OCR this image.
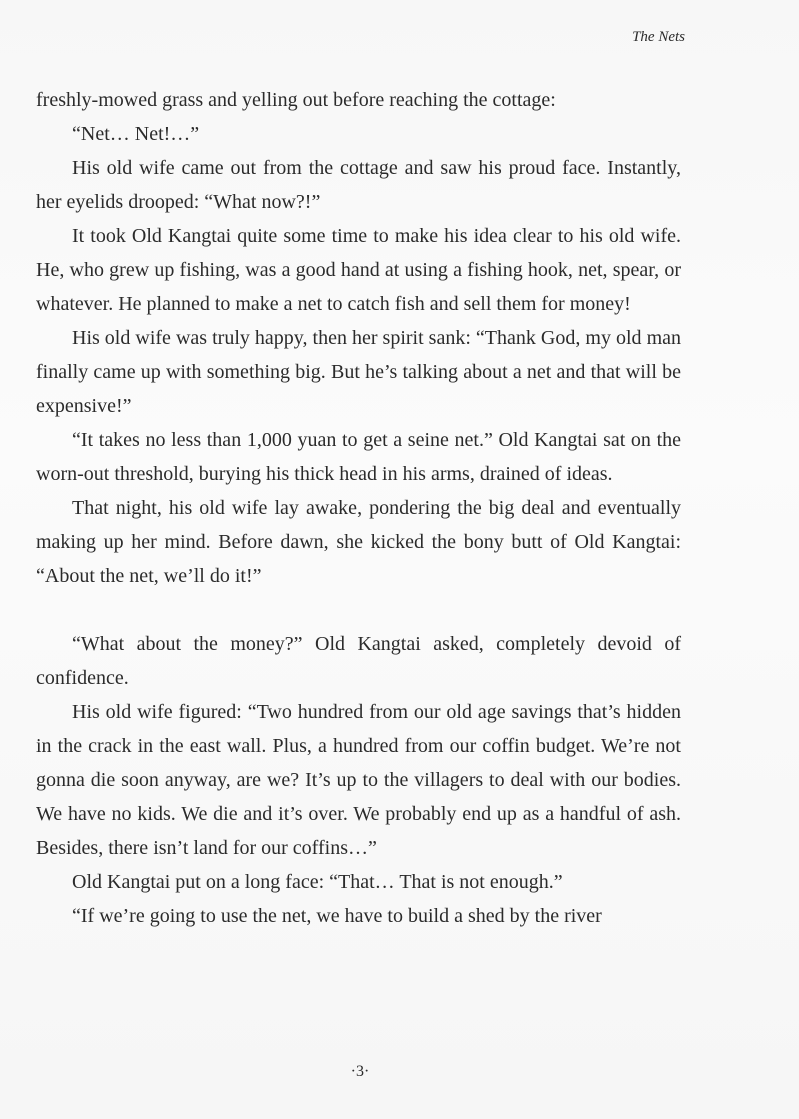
The Nets

freshly-mowed grass and yelling out before reaching the cottage:

“Net… Net!…”

His old wife came out from the cottage and saw his proud face. Instantly, her eyelids drooped: “What now?!”

It took Old Kangtai quite some time to make his idea clear to his old wife. He, who grew up fishing, was a good hand at using a fishing hook, net, spear, or whatever. He planned to make a net to catch fish and sell them for money!

His old wife was truly happy, then her spirit sank: “Thank God, my old man finally came up with something big. But he’s talking about a net and that will be expensive!”

“It takes no less than 1,000 yuan to get a seine net.” Old Kangtai sat on the worn-out threshold, burying his thick head in his arms, drained of ideas.

That night, his old wife lay awake, pondering the big deal and eventually making up her mind. Before dawn, she kicked the bony butt of Old Kangtai: “About the net, we’ll do it!”

“What about the money?” Old Kangtai asked, completely devoid of confidence.

His old wife figured: “Two hundred from our old age savings that’s hidden in the crack in the east wall. Plus, a hundred from our coffin budget. We’re not gonna die soon anyway, are we? It’s up to the villagers to deal with our bodies. We have no kids. We die and it’s over. We probably end up as a handful of ash. Besides, there isn’t land for our coffins…”

Old Kangtai put on a long face: “That… That is not enough.”

“If we’re going to use the net, we have to build a shed by the river

·3·
